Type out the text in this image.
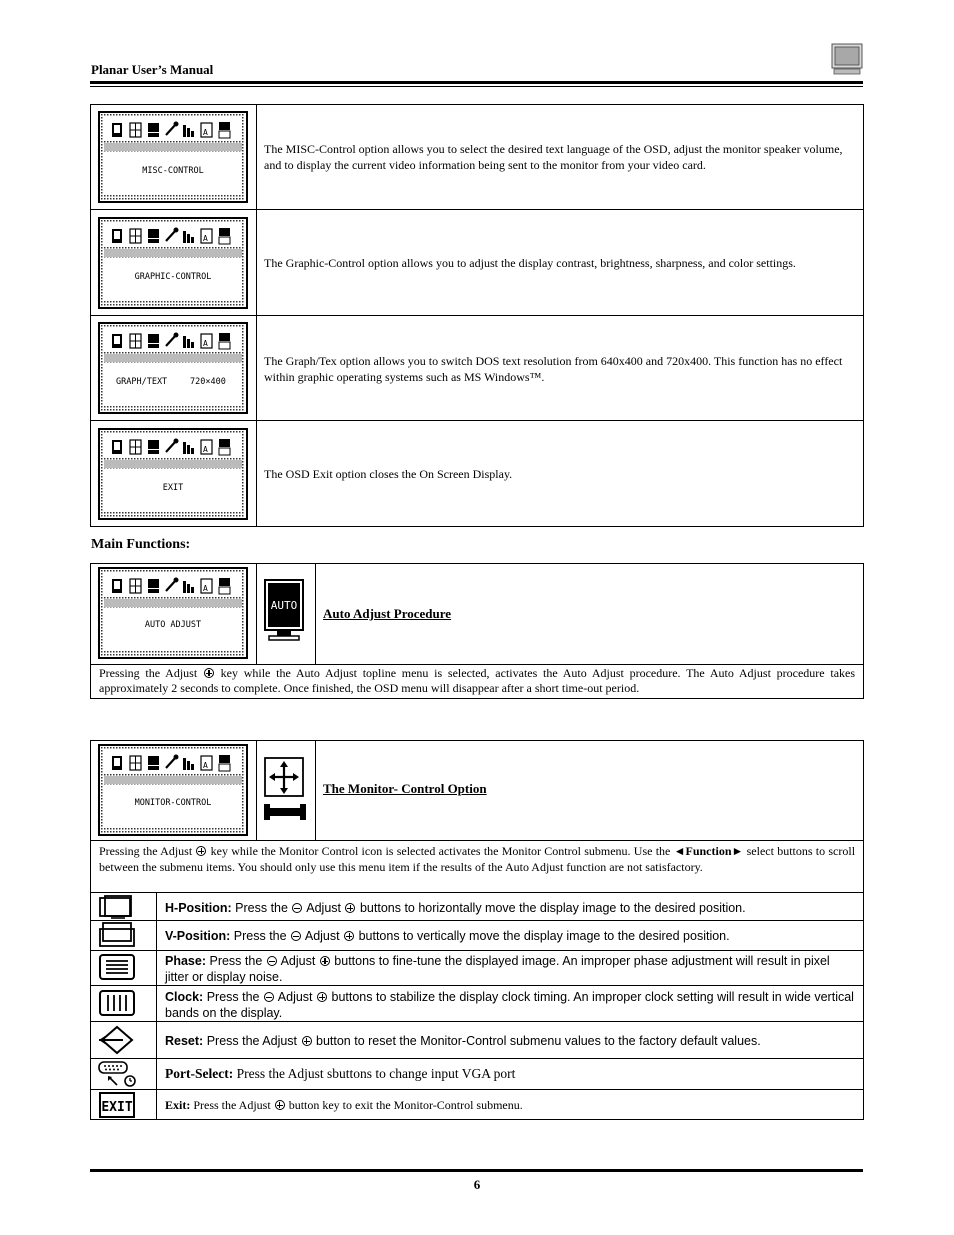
Planar User’s Manual
MISC-CONTROL
The MISC-Control option allows you to select the desired text language of the OSD, adjust the monitor speaker volume, and to display the current video information being sent to the monitor from your video card.
GRAPHIC-CONTROL
The Graphic-Control option allows you to adjust the display contrast, brightness, sharpness, and color settings.
GRAPH/TEXT	720×400
The Graph/Tex option allows you to switch DOS text resolution from 640x400 and 720x400. This function has no effect within graphic operating systems such as MS Windows™.
EXIT
The OSD Exit option closes the On Screen Display.
Main Functions:
AUTO ADJUST
AUTO
Auto Adjust Procedure
Pressing the Adjust key while the Auto Adjust topline menu is selected, activates the Auto Adjust procedure. The Auto Adjust procedure takes approximately 2 seconds to complete. Once finished, the OSD menu will disappear after a short time-out period.
MONITOR-CONTROL
The Monitor- Control Option
Pressing the Adjust key while the Monitor Control icon is selected activates the Monitor Control submenu. Use the ◄Function► select buttons to scroll between the submenu items. You should only use this menu item if the results of the Auto Adjust function are not satisfactory.
H-Position: Press the Adjust buttons to horizontally move the display image to the desired position.
V-Position: Press the Adjust buttons to vertically move the display image to the desired position.
Phase: Press the Adjust buttons to fine-tune the displayed image. An improper phase adjustment will result in pixel jitter or display noise.
Clock: Press the Adjust buttons to stabilize the display clock timing. An improper clock setting will result in wide vertical bands on the display.
Reset: Press the Adjust button to reset the Monitor-Control submenu values to the factory default values.
Port-Select: Press the Adjust sbuttons to change input VGA port
EXIT	Exit: Press the Adjust button key to exit the Monitor-Control submenu.
6
